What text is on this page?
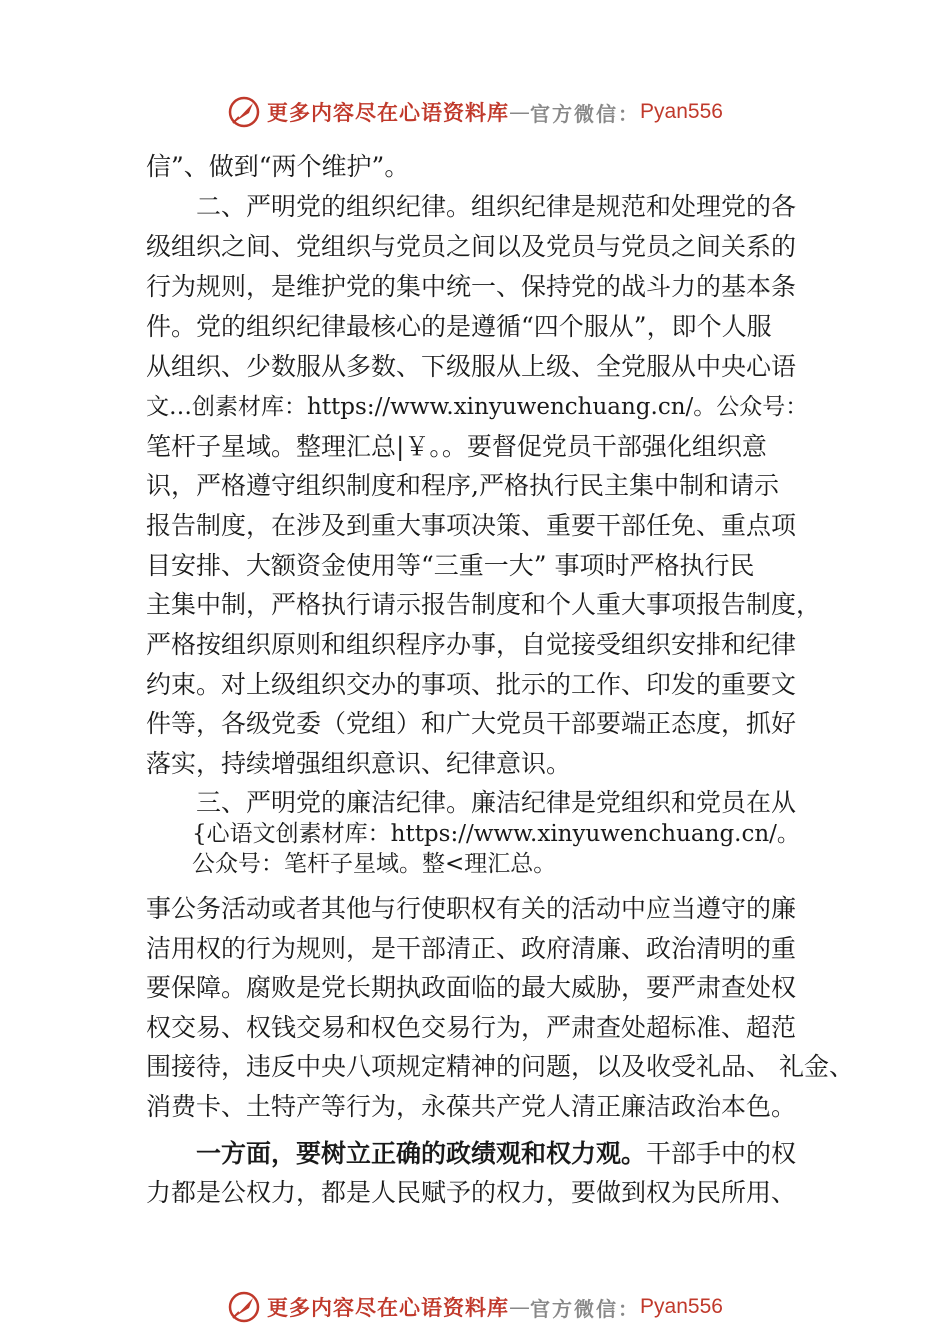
更多内容尽在心语资料库 — 官方微信： Pyan556
信”、做到“两个维护”。
　　二、严明党的组织纪律。组织纪律是规范和处理党的各
级组织之间、党组织与党员之间以及党员与党员之间关系的
行为规则，是维护党的集中统一、保持党的战斗力的基本条
件。党的组织纪律最核心的是遵循“四个服从”，即个人服
从组织、少数服从多数、下级服从上级、全党服从中央心语
文…创素材库：https://www.xinyuwenchuang.cn/。公众号：
笔杆子星域。整理汇总|￥。。要督促党员干部强化组织意
识，严格遵守组织制度和程序,严格执行民主集中制和请示
报告制度，在涉及到重大事项决策、重要干部任免、重点项
目安排、大额资金使用等“三重一大” 事项时严格执行民
主集中制，严格执行请示报告制度和个人重大事项报告制度，
严格按组织原则和组织程序办事，自觉接受组织安排和纪律
约束。对上级组织交办的事项、批示的工作、印发的重要文
件等，各级党委（党组）和广大党员干部要端正态度，抓好
落实，持续增强组织意识、纪律意识。
　　三、严明党的廉洁纪律。廉洁纪律是党组织和党员在从
　　{心语文创素材库：https://www.xinyuwenchuang.cn/。
　　公众号：笔杆子星域。整<理汇总。
事公务活动或者其他与行使职权有关的活动中应当遵守的廉
洁用权的行为规则，是干部清正、政府清廉、政治清明的重
要保障。腐败是党长期执政面临的最大威胁，要严肃查处权
权交易、权钱交易和权色交易行为，严肃查处超标准、超范
围接待，违反中央八项规定精神的问题，以及收受礼品、 礼金、
消费卡、土特产等行为，永葆共产党人清正廉洁政治本色。
　　一方面，要树立正确的政绩观和权力观。干部手中的权
力都是公权力，都是人民赋予的权力，要做到权为民所用、
更多内容尽在心语资料库 — 官方微信： Pyan556
